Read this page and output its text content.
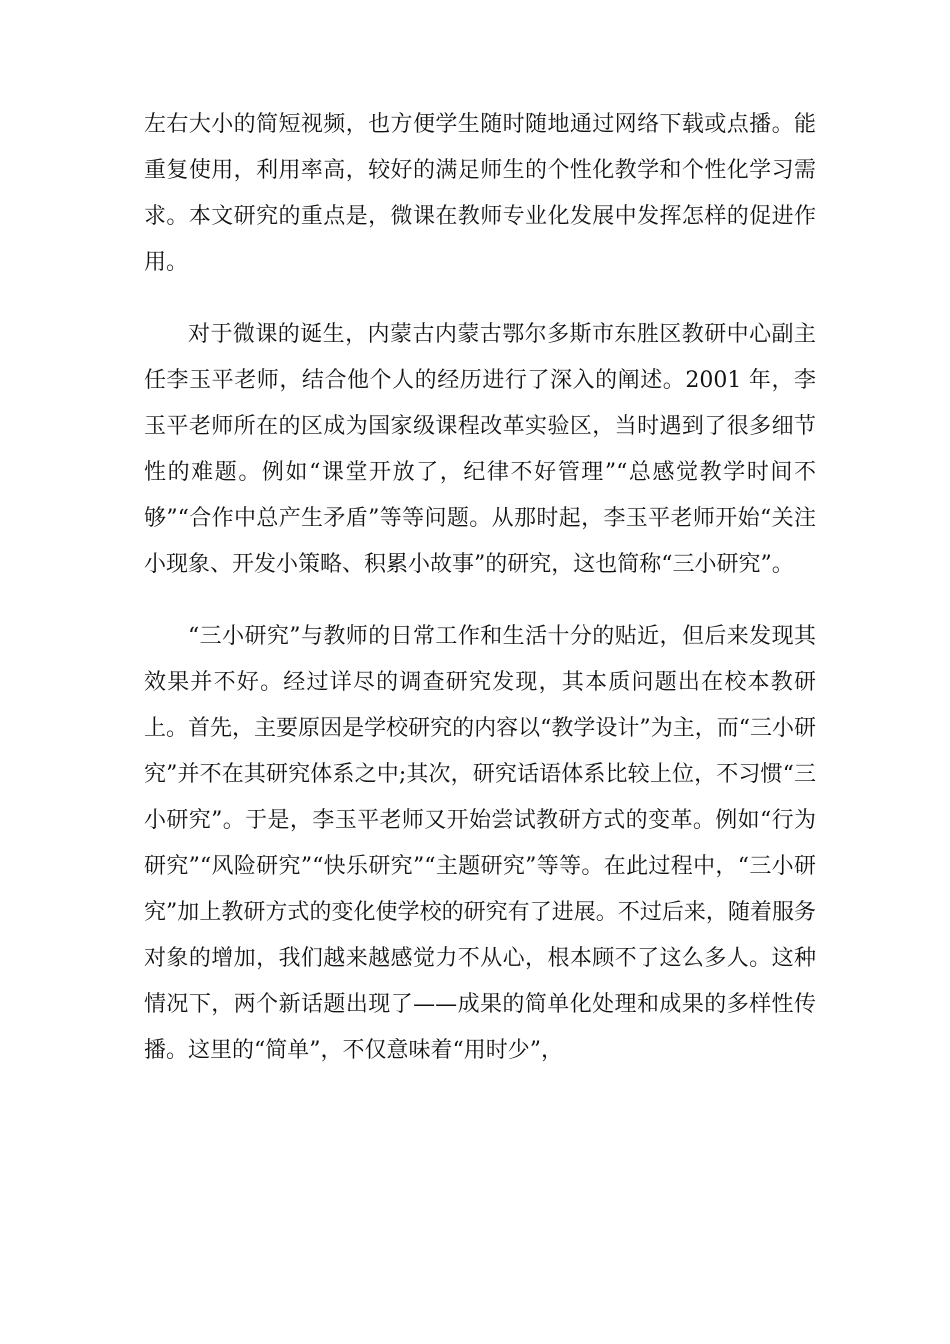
左右大小的简短视频，也方便学生随时随地通过网络下载或点播。能重复使用，利用率高，较好的满足师生的个性化教学和个性化学习需求。本文研究的重点是，微课在教师专业化发展中发挥怎样的促进作用。

对于微课的诞生，内蒙古内蒙古鄂尔多斯市东胜区教研中心副主任李玉平老师，结合他个人的经历进行了深入的阐述。2001 年，李玉平老师所在的区成为国家级课程改革实验区，当时遇到了很多细节性的难题。例如“课堂开放了，纪律不好管理”“总感觉教学时间不够”“合作中总产生矛盾”等等问题。从那时起，李玉平老师开始“关注小现象、开发小策略、积累小故事”的研究，这也简称“三小研究”。

“三小研究”与教师的日常工作和生活十分的贴近，但后来发现其效果并不好。经过详尽的调查研究发现，其本质问题出在校本教研上。首先，主要原因是学校研究的内容以“教学设计”为主，而“三小研究”并不在其研究体系之中;其次，研究话语体系比较上位，不习惯“三小研究”。于是，李玉平老师又开始尝试教研方式的变革。例如“行为研究”“风险研究”“快乐研究”“主题研究”等等。在此过程中，“三小研究”加上教研方式的变化使学校的研究有了进展。不过后来，随着服务对象的增加，我们越来越感觉力不从心，根本顾不了这么多人。这种情况下，两个新话题出现了——成果的简单化处理和成果的多样性传播。这里的“简单”，不仅意味着“用时少”，
